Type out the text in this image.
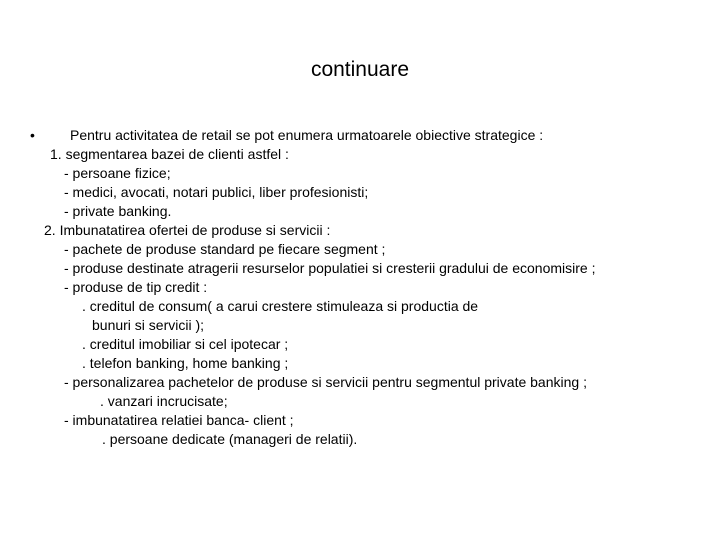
continuare
•	Pentru activitatea de retail se pot enumera urmatoarele obiective strategice :
1. segmentarea bazei de clienti astfel :
- persoane fizice;
- medici, avocati, notari publici, liber profesionisti;
- private banking.
2. Imbunatatirea ofertei de produse si servicii :
- pachete de produse standard pe fiecare segment ;
- produse destinate atragerii resurselor populatiei si cresterii gradului de economisire ;
- produse de tip credit :
. creditul de consum( a carui crestere stimuleaza si productia de
bunuri si servicii );
. creditul imobiliar si cel ipotecar ;
. telefon banking, home banking ;
- personalizarea pachetelor de produse si servicii pentru segmentul private banking ;
. vanzari incrucisate;
- imbunatatirea relatiei banca- client ;
. persoane dedicate (manageri de relatii).
